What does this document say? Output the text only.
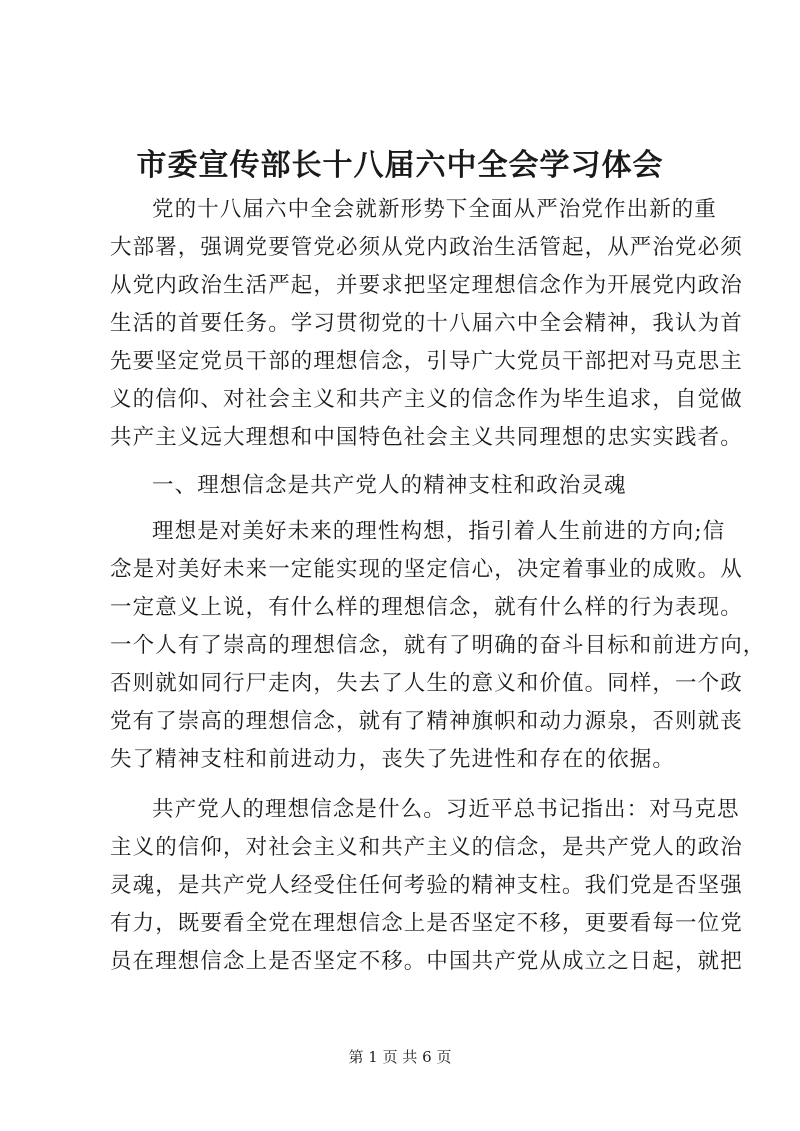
市委宣传部长十八届六中全会学习体会
党的十八届六中全会就新形势下全面从严治党作出新的重
大部署，强调党要管党必须从党内政治生活管起，从严治党必须
从党内政治生活严起，并要求把坚定理想信念作为开展党内政治
生活的首要任务。学习贯彻党的十八届六中全会精神，我认为首
先要坚定党员干部的理想信念，引导广大党员干部把对马克思主
义的信仰、对社会主义和共产主义的信念作为毕生追求，自觉做
共产主义远大理想和中国特色社会主义共同理想的忠实实践者。
一、理想信念是共产党人的精神支柱和政治灵魂
理想是对美好未来的理性构想，指引着人生前进的方向;信
念是对美好未来一定能实现的坚定信心，决定着事业的成败。从
一定意义上说，有什么样的理想信念，就有什么样的行为表现。
一个人有了崇高的理想信念，就有了明确的奋斗目标和前进方向，
否则就如同行尸走肉，失去了人生的意义和价值。同样，一个政
党有了崇高的理想信念，就有了精神旗帜和动力源泉，否则就丧
失了精神支柱和前进动力，丧失了先进性和存在的依据。
共产党人的理想信念是什么。习近平总书记指出：对马克思
主义的信仰，对社会主义和共产主义的信念，是共产党人的政治
灵魂，是共产党人经受住任何考验的精神支柱。我们党是否坚强
有力，既要看全党在理想信念上是否坚定不移，更要看每一位党
员在理想信念上是否坚定不移。中国共产党从成立之日起，就把
第 1 页 共 6 页
